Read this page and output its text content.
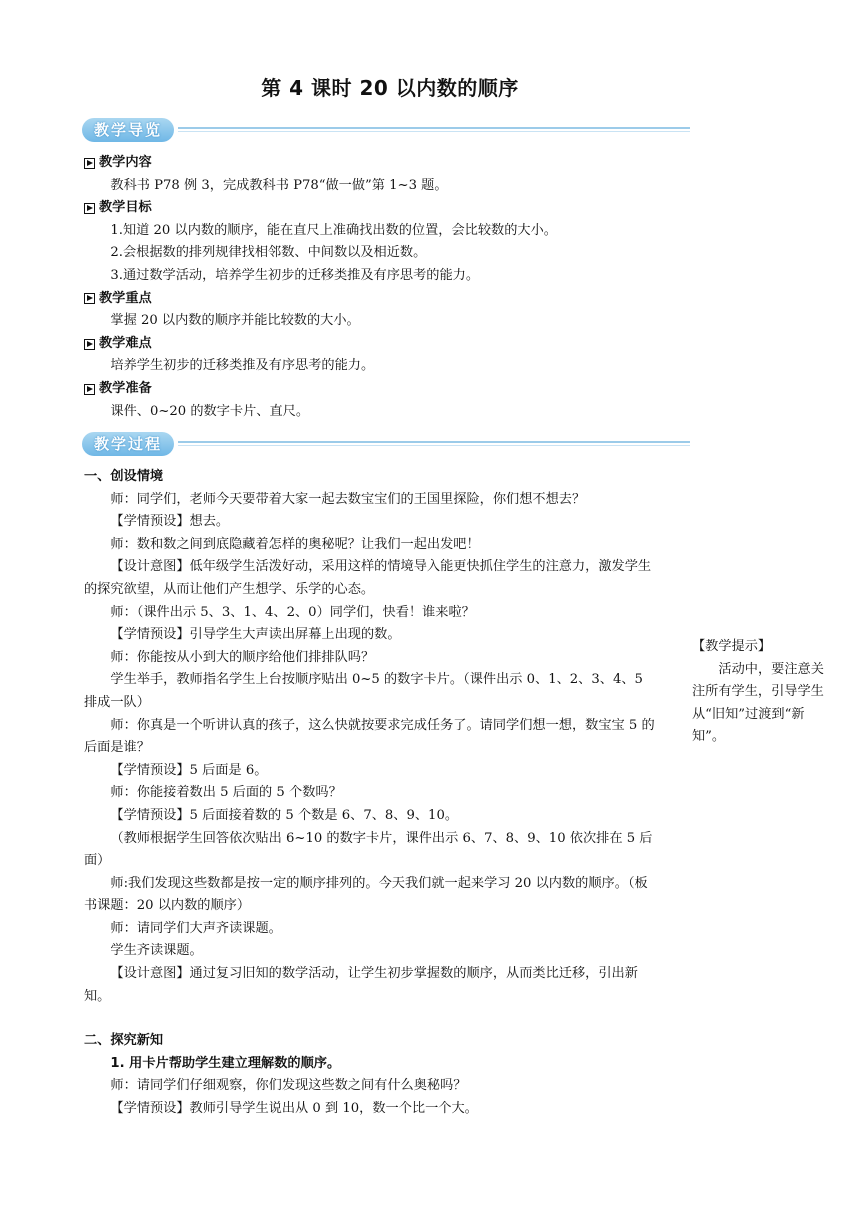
第 4 课时 20 以内数的顺序
教学导览
教学内容

教科书 P78 例 3，完成教科书 P78“做一做”第 1~3 题。

教学目标

1.知道 20 以内数的顺序，能在直尺上准确找出数的位置，会比较数的大小。

2.会根据数的排列规律找相邻数、中间数以及相近数。

3.通过数学活动，培养学生初步的迁移类推及有序思考的能力。

教学重点

掌握 20 以内数的顺序并能比较数的大小。

教学难点

培养学生初步的迁移类推及有序思考的能力。

教学准备

课件、0~20 的数字卡片、直尺。

教学过程

一、创设情境

师：同学们，老师今天要带着大家一起去数宝宝们的王国里探险，你们想不想去？

【学情预设】想去。

师：数和数之间到底隐藏着怎样的奥秘呢？让我们一起出发吧！

【设计意图】低年级学生活泼好动，采用这样的情境导入能更快抓住学生的注意力，激发学生的探究欲望，从而让他们产生想学、乐学的心态。

师：（课件出示 5、3、1、4、2、0）同学们，快看！谁来啦？

【学情预设】引导学生大声读出屏幕上出现的数。

师：你能按从小到大的顺序给他们排排队吗？

学生举手，教师指名学生上台按顺序贴出 0~5 的数字卡片。（课件出示 0、1、2、3、4、5 排成一队）

师：你真是一个听讲认真的孩子，这么快就按要求完成任务了。请同学们想一想，数宝宝 5 的后面是谁？

【学情预设】5 后面是 6。

师：你能接着数出 5 后面的 5 个数吗？

【学情预设】5 后面接着数的 5 个数是 6、7、8、9、10。

（教师根据学生回答依次贴出 6~10 的数字卡片，课件出示 6、7、8、9、10 依次排在 5 后面）

师:我们发现这些数都是按一定的顺序排列的。今天我们就一起来学习 20 以内数的顺序。（板书课题：20 以内数的顺序）

师：请同学们大声齐读课题。

学生齐读课题。

【设计意图】通过复习旧知的数学活动，让学生初步掌握数的顺序，从而类比迁移，引出新知。

二、探究新知

1. 用卡片帮助学生建立理解数的顺序。

师：请同学们仔细观察，你们发现这些数之间有什么奥秘吗？

【学情预设】教师引导学生说出从 0 到 10，数一个比一个大。

【教学提示】

活动中，要注意关注所有学生，引导学生从“旧知”过渡到“新知”。
